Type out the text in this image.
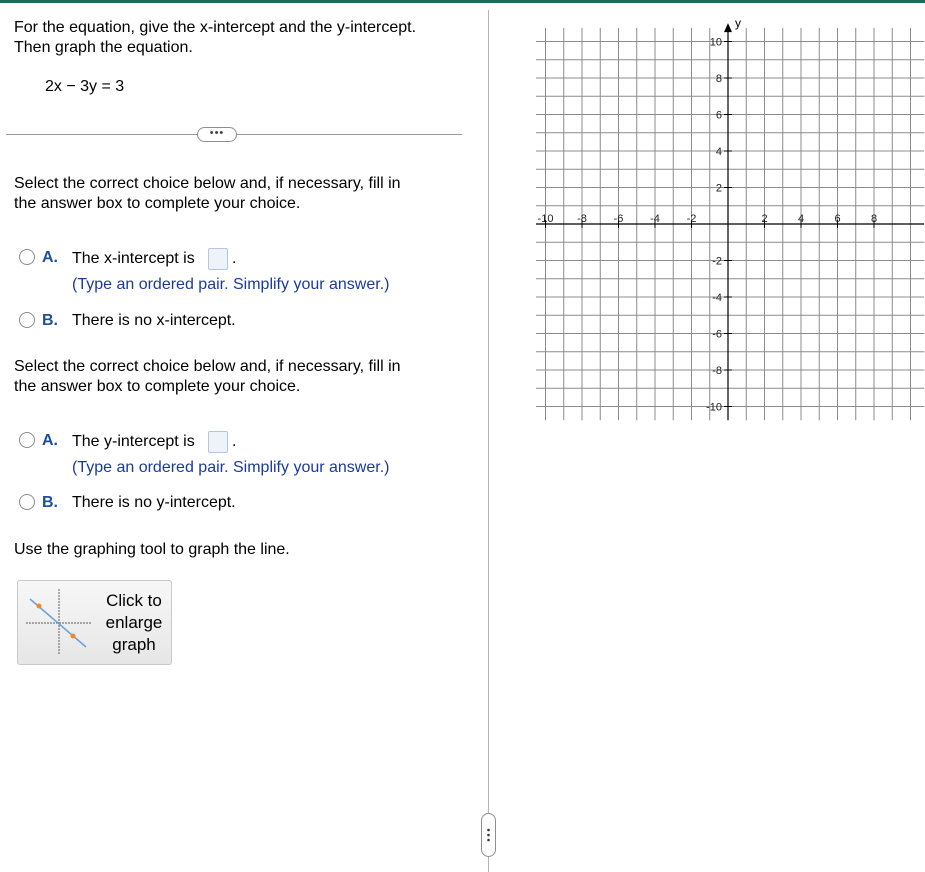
For the equation, give the x-intercept and the y-intercept.
Then graph the equation.
2x − 3y = 3
•••
Select the correct choice below and, if necessary, fill in
the answer box to complete your choice.
A. The x-intercept is .
(Type an ordered pair. Simplify your answer.)
B. There is no x-intercept.
Select the correct choice below and, if necessary, fill in
the answer box to complete your choice.
A. The y-intercept is .
(Type an ordered pair. Simplify your answer.)
B. There is no y-intercept.
Use the graphing tool to graph the line.
Click to
enlarge
graph
y
-10 -8 -6 -4 -2	2	4	6	8
10
8
6
4
2
-2
-4
-6
-8
-10
